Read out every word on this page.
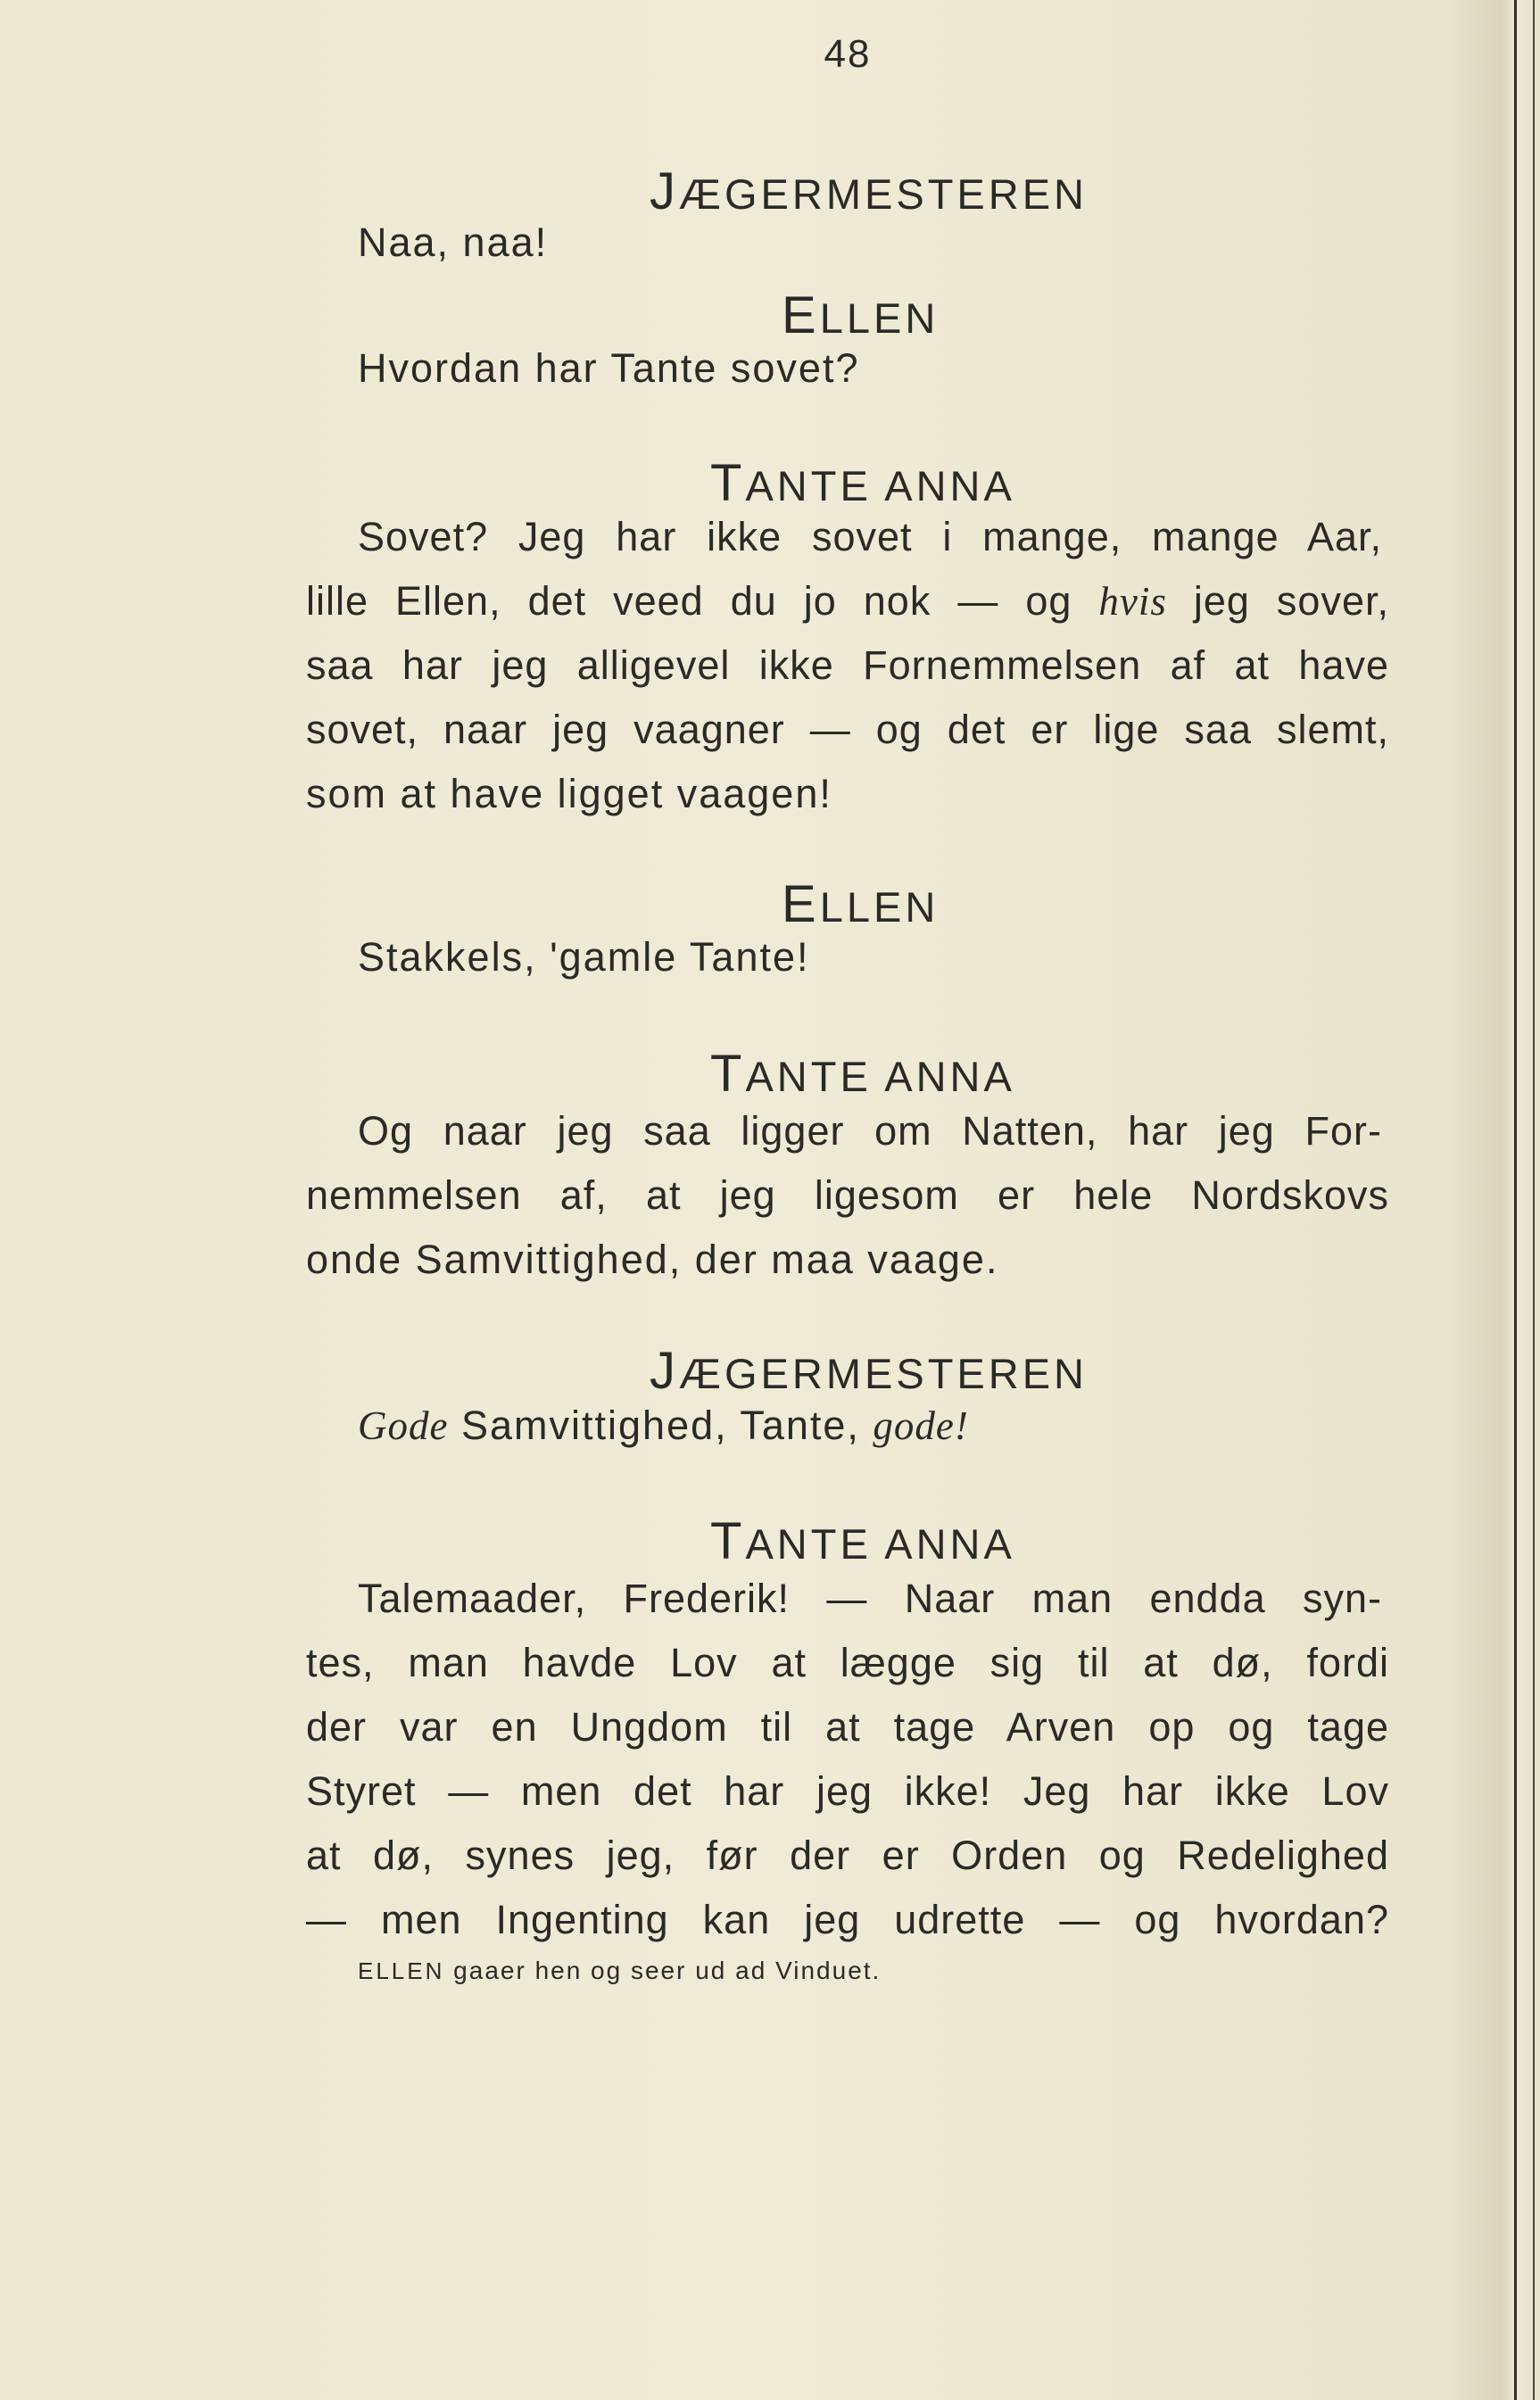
48
JÆGERMESTEREN
Naa, naa!
ELLEN
Hvordan har Tante sovet?
TANTE ANNA
Sovet? Jeg har ikke sovet i mange, mange Aar,
lille Ellen, det veed du jo nok — og hvis jeg sover,
saa har jeg alligevel ikke Fornemmelsen af at have
sovet, naar jeg vaagner — og det er lige saa slemt,
som at have ligget vaagen!
ELLEN
Stakkels, 'gamle Tante!
TANTE ANNA
Og naar jeg saa ligger om Natten, har jeg For-
nemmelsen af, at jeg ligesom er hele Nordskovs
onde Samvittighed, der maa vaage.
JÆGERMESTEREN
Gode Samvittighed, Tante, gode!
TANTE ANNA
Talemaader, Frederik! — Naar man endda syn-
tes, man havde Lov at lægge sig til at dø, fordi
der var en Ungdom til at tage Arven op og tage
Styret — men det har jeg ikke! Jeg har ikke Lov
at dø, synes jeg, før der er Orden og Redelighed
— men Ingenting kan jeg udrette — og hvordan?
ELLEN gaaer hen og seer ud ad Vinduet.
